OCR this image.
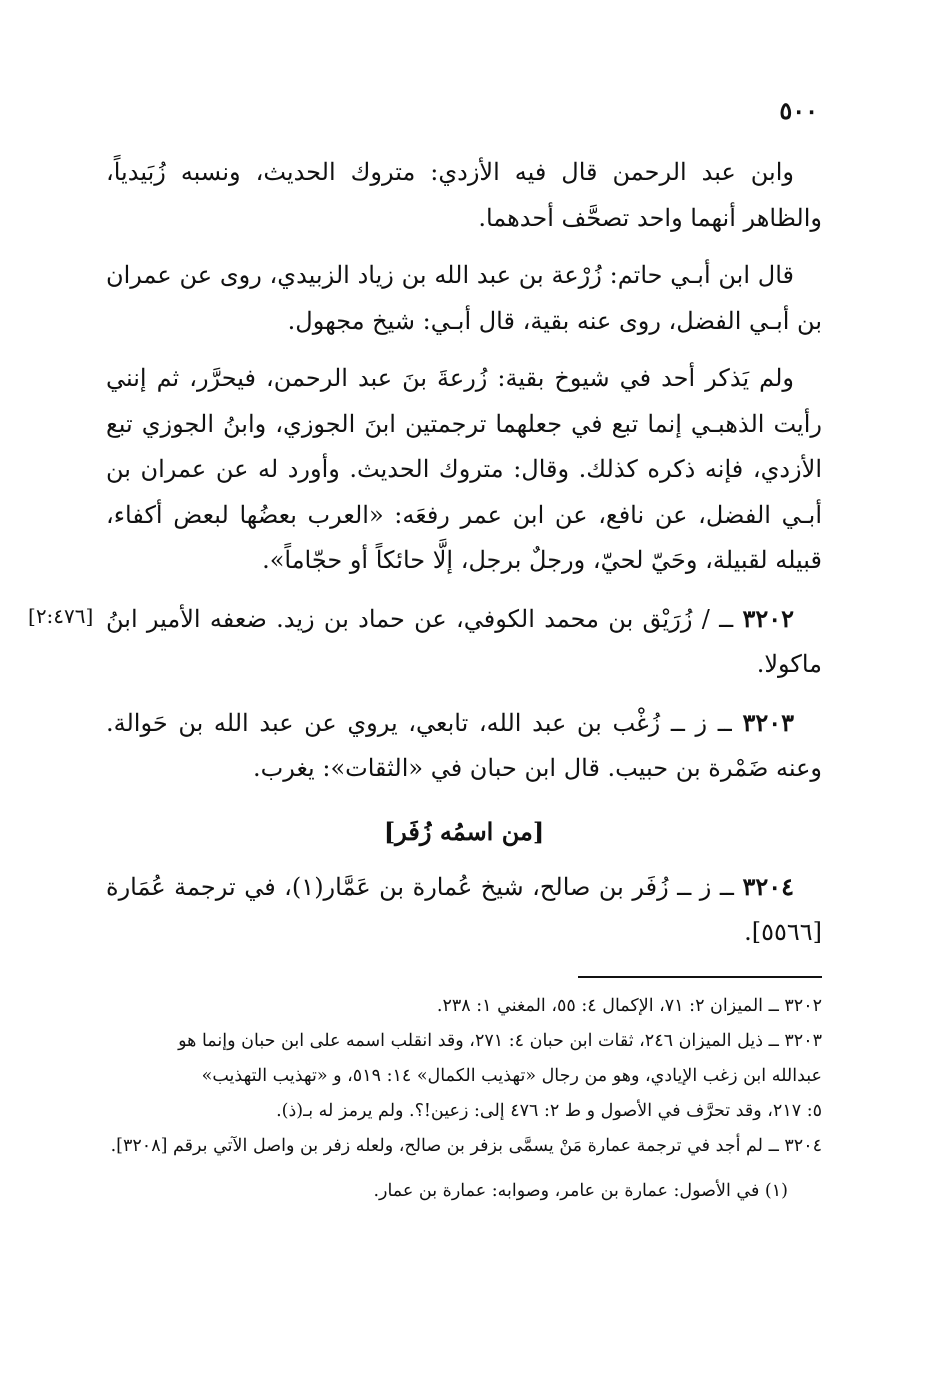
٥٠٠
[٢:٤٧٦]

وابن عبد الرحمن قال فيه الأزدي: متروك الحديث، ونسبه زُبَيدياً، والظاهر أنهما واحد تصحَّف أحدهما.

قال ابن أبـي حاتم: زُرْعة بن عبد الله بن زياد الزبيدي، روى عن عمران بن أبـي الفضل، روى عنه بقية، قال أبـي: شيخ مجهول.

ولم يَذكر أحد في شيوخ بقية: زُرعةَ بنَ عبد الرحمن، فيحرَّر، ثم إنني رأيت الذهبـي إنما تبع في جعلهما ترجمتين ابنَ الجوزي، وابنُ الجوزي تبع الأزدي، فإنه ذكره كذلك. وقال: متروك الحديث. وأورد له عن عمران بن أبـي الفضل، عن نافع، عن ابن عمر رفعَه: «العرب بعضُها لبعض أكفاء، قبيله لقبيلة، وحَيّ لحيّ، ورجلٌ برجل، إلَّا حائكاً أو حجّاماً».

٣٢٠٢ ــ / زُرَيْق بن محمد الكوفي، عن حماد بن زيد. ضعفه الأمير ابنُ ماكولا.

٣٢٠٣ ــ ز ــ زُغْب بن عبد الله، تابعي، يروي عن عبد الله بن حَوالة. وعنه ضَمْرة بن حبيب. قال ابن حبان في «الثقات»: يغرب.

[من اسمُه زُفَر]

٣٢٠٤ ــ ز ــ زُفَر بن صالح، شيخ عُمارة بن عَمَّار(١)، في ترجمة عُمَارة [٥٥٦٦].

٣٢٠٢ ــ الميزان ٢: ٧١، الإكمال ٤: ٥٥، المغني ١: ٢٣٨.

٣٢٠٣ ــ ذيل الميزان ٢٤٦، ثقات ابن حبان ٤: ٢٧١، وقد انقلب اسمه على ابن حبان وإنما هو

عبدالله ابن زغب الإيادي، وهو من رجال «تهذيب الكمال» ١٤: ٥١٩، و «تهذيب التهذيب»

٥: ٢١٧، وقد تحرَّف في الأصول و ط ٢: ٤٧٦ إلى: زعين!؟. ولم يرمز له بـ(ذ).

٣٢٠٤ ــ لم أجد في ترجمة عمارة مَنْ يسمَّى بزفر بن صالح، ولعله زفر بن واصل الآتي برقم [٣٢٠٨].

(١) في الأصول: عمارة بن عامر، وصوابه: عمارة بن عمار.
